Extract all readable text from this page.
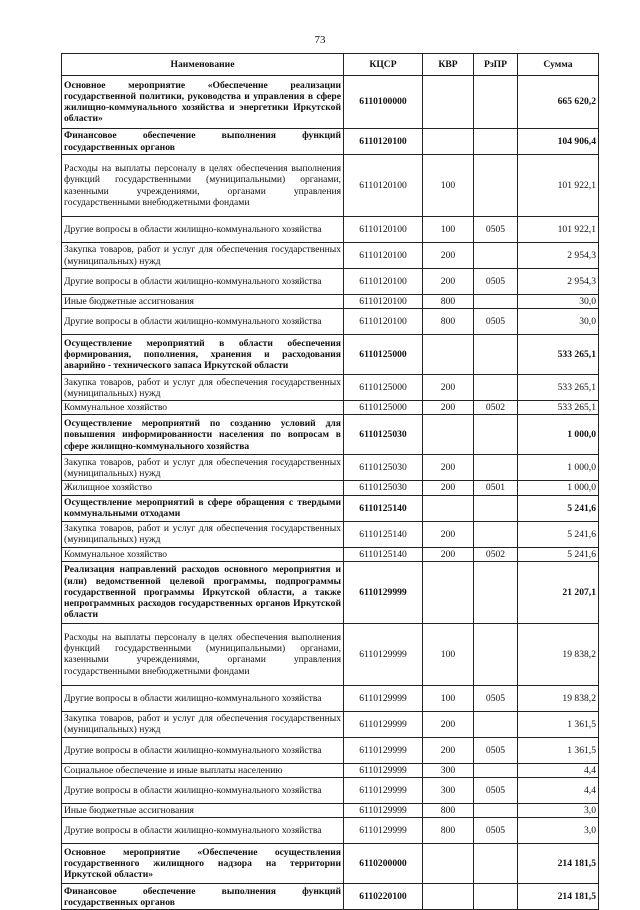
73
Наименование	КЦСР	КВР	РзПР	Сумма
Основное мероприятие «Обеспечение реализации государственной политики, руководства и управления в сфере жилищно-коммунального хозяйства и энергетики Иркутской области»	6110100000			665 620,2
Финансовое обеспечение выполнения функций государственных органов	6110120100			104 906,4
Расходы на выплаты персоналу в целях обеспечения выполнения функций государственными (муниципальными) органами, казенными учреждениями, органами управления государственными внебюджетными фондами	6110120100	100		101 922,1
Другие вопросы в области жилищно-коммунального хозяйства	6110120100	100	0505	101 922,1
Закупка товаров, работ и услуг для обеспечения государственных (муниципальных) нужд	6110120100	200		2 954,3
Другие вопросы в области жилищно-коммунального хозяйства	6110120100	200	0505	2 954,3
Иные бюджетные ассигнования	6110120100	800		30,0
Другие вопросы в области жилищно-коммунального хозяйства	6110120100	800	0505	30,0
Осуществление мероприятий в области обеспечения формирования, пополнения, хранения и расходования аварийно - технического запаса Иркутской области	6110125000			533 265,1
Закупка товаров, работ и услуг для обеспечения государственных (муниципальных) нужд	6110125000	200		533 265,1
Коммунальное хозяйство	6110125000	200	0502	533 265,1
Осуществление мероприятий по созданию условий для повышения информированности населения по вопросам в сфере жилищно-коммунального хозяйства	6110125030			1 000,0
Закупка товаров, работ и услуг для обеспечения государственных (муниципальных) нужд	6110125030	200		1 000,0
Жилищное хозяйство	6110125030	200	0501	1 000,0
Осуществление мероприятий в сфере обращения с твердыми коммунальными отходами	6110125140			5 241,6
Закупка товаров, работ и услуг для обеспечения государственных (муниципальных) нужд	6110125140	200		5 241,6
Коммунальное хозяйство	6110125140	200	0502	5 241,6
Реализация направлений расходов основного мероприятия и (или) ведомственной целевой программы, подпрограммы государственной программы Иркутской области, а также непрограммных расходов государственных органов Иркутской области	6110129999			21 207,1
Расходы на выплаты персоналу в целях обеспечения выполнения функций государственными (муниципальными) органами, казенными учреждениями, органами управления государственными внебюджетными фондами	6110129999	100		19 838,2
Другие вопросы в области жилищно-коммунального хозяйства	6110129999	100	0505	19 838,2
Закупка товаров, работ и услуг для обеспечения государственных (муниципальных) нужд	6110129999	200		1 361,5
Другие вопросы в области жилищно-коммунального хозяйства	6110129999	200	0505	1 361,5
Социальное обеспечение и иные выплаты населению	6110129999	300		4,4
Другие вопросы в области жилищно-коммунального хозяйства	6110129999	300	0505	4,4
Иные бюджетные ассигнования	6110129999	800		3,0
Другие вопросы в области жилищно-коммунального хозяйства	6110129999	800	0505	3,0
Основное мероприятие «Обеспечение осуществления государственного жилищного надзора на территории Иркутской области»	6110200000			214 181,5
Финансовое обеспечение выполнения функций государственных органов	6110220100			214 181,5
